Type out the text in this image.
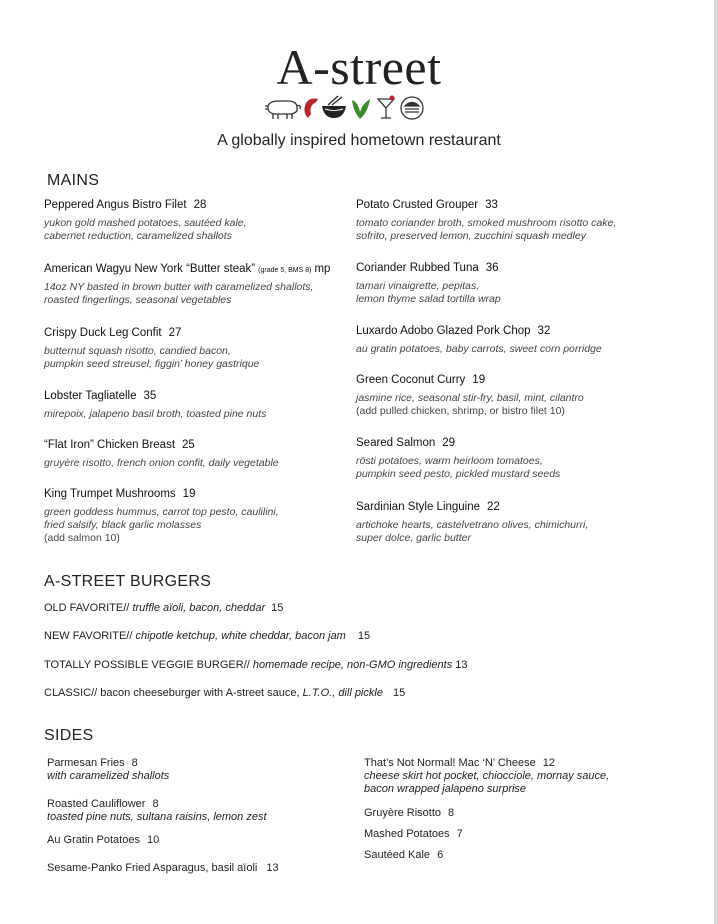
A-street
A globally inspired hometown restaurant
MAINS
Peppered Angus Bistro Filet 28
yukon gold mashed potatoes, sautéed kale,
cabernet reduction, caramelized shallots
American Wagyu New York “Butter steak” (grade 5, BMS 8) mp
14oz NY basted in brown butter with caramelized shallots,
roasted fingerlings, seasonal vegetables
Crispy Duck Leg Confit 27
butternut squash risotto, candied bacon,
pumpkin seed streusel, figgin’ honey gastrique
Lobster Tagliatelle 35
mirepoix, jalapeno basil broth, toasted pine nuts
“Flat Iron” Chicken Breast 25
gruyère risotto, french onion confit, daily vegetable
King Trumpet Mushrooms 19
green goddess hummus, carrot top pesto, caulilini,
fried salsify, black garlic molasses
(add salmon 10)
Potato Crusted Grouper 33
tomato coriander broth, smoked mushroom risotto cake,
sofrito, preserved lemon, zucchini squash medley
Coriander Rubbed Tuna 36
tamari vinaigrette, pepitas,
lemon thyme salad tortilla wrap
Luxardo Adobo Glazed Pork Chop 32
au gratin potatoes, baby carrots, sweet corn porridge
Green Coconut Curry 19
jasmine rice, seasonal stir-fry, basil, mint, cilantro
(add pulled chicken, shrimp, or bistro filet 10)
Seared Salmon 29
rösti potatoes, warm heirloom tomatoes,
pumpkin seed pesto, pickled mustard seeds
Sardinian Style Linguine 22
artichoke hearts, castelvetrano olives, chimichurri,
super dolce, garlic butter
A-STREET BURGERS
OLD FAVORITE// truffle aïoli, bacon, cheddar 15
NEW FAVORITE// chipotle ketchup, white cheddar, bacon jam 15
TOTALLY POSSIBLE VEGGIE BURGER// homemade recipe, non-GMO ingredients 13
CLASSIC// bacon cheeseburger with A-street sauce, L.T.O., dill pickle 15
SIDES
Parmesan Fries 8
with caramelized shallots
Roasted Cauliflower 8
toasted pine nuts, sultana raisins, lemon zest
Au Gratin Potatoes 10
Sesame-Panko Fried Asparagus, basil aïoli 13
That’s Not Normal! Mac ‘N’ Cheese 12
cheese skirt hot pocket, chiocciole, mornay sauce,
bacon wrapped jalapeno surprise
Gruyère Risotto 8
Mashed Potatoes 7
Sautéed Kale 6
